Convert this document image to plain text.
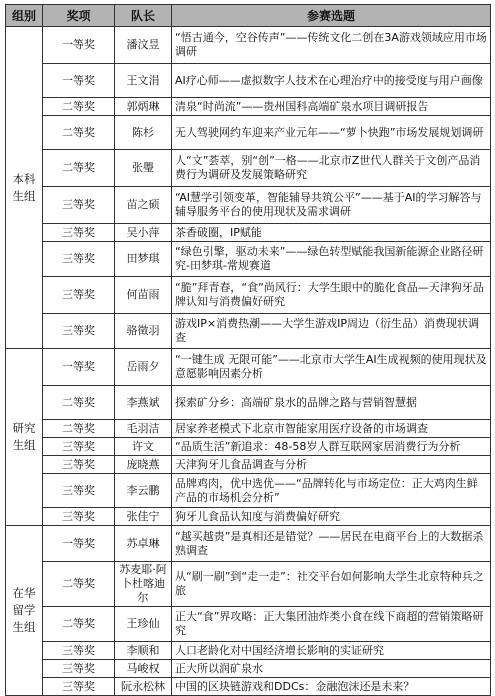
组别	奖项	队长	参赛选题
本科生组	一等奖	潘汶昱	“悟古通今，空谷传声”——传统文化二创在3A游戏领域应用市场调研
	一等奖	王文涓	AI疗心师——虚拟数字人技术在心理治疗中的接受度与用户画像
	二等奖	郭炳琳	清泉“时尚流”——贵州国科高端矿泉水项目调研报告
	二等奖	陈杉	无人驾驶网约车迎来产业元年——“萝卜快跑”市场发展规划调研
	二等奖	张璺	人“文”荟萃，别“创”一格——北京市Z世代人群关于文创产品消费行为调研及发展策略研究
	三等奖	苗之硕	“AI慧学引领变革，智能辅导共筑公平”——基于AI的学习解答与辅导服务平台的使用现状及需求调研
	三等奖	吴小萍	茶香破圈，IP赋能
	三等奖	田梦琪	“绿色引擎，驱动未来”——绿色转型赋能我国新能源企业路径研究-田梦琪-常规赛道
	三等奖	何苗雨	“脆”拜青春，“食”尚风行：大学生眼中的脆化食品—天津狗牙品牌认知与消费偏好研究
	三等奖	骆徵羽	游戏IP×消费热潮——大学生游戏IP周边（衍生品）消费现状调查
研究生组	一等奖	岳雨夕	“一键生成 无限可能”——北京市大学生AI生成视频的使用现状及意愿影响因素分析
	二等奖	李燕斌	探索矿分乡：高端矿泉水的品牌之路与营销智慧据
	二等奖	毛羽洁	居家养老模式下北京市智能家用医疗设备的市场调查
	三等奖	许文	“品质生活”新追求：48-58岁人群互联网家居消费行为分析
	三等奖	庞晓燕	天津狗牙儿食品调查与分析
	三等奖	李云鹏	品牌鸡肉，优中选优——“品牌转化与市场定位：正大鸡肉生鲜产品的市场机会分析”
	三等奖	张佳宁	狗牙儿食品认知度与消费偏好研究
在华留学生组	一等奖	苏卓琳	“越买越贵”是真相还是错觉？——居民在电商平台上的大数据杀熟调查
	二等奖	苏麦耶·阿卜杜喀迪尔	从“刷一刷”到“走一走”：社交平台如何影响大学生北京特种兵之旅
	二等奖	王珍仙	正大“食”界攻略：正大集团油炸类小食在线下商超的营销策略研究
	三等奖	李顺和	人口老龄化对中国经济增长影响的实证研究
	三等奖	马峻权	正大所以润矿泉水
	三等奖	阮永松林	中国的区块链游戏和DDCs：金融泡沫还是未来？
